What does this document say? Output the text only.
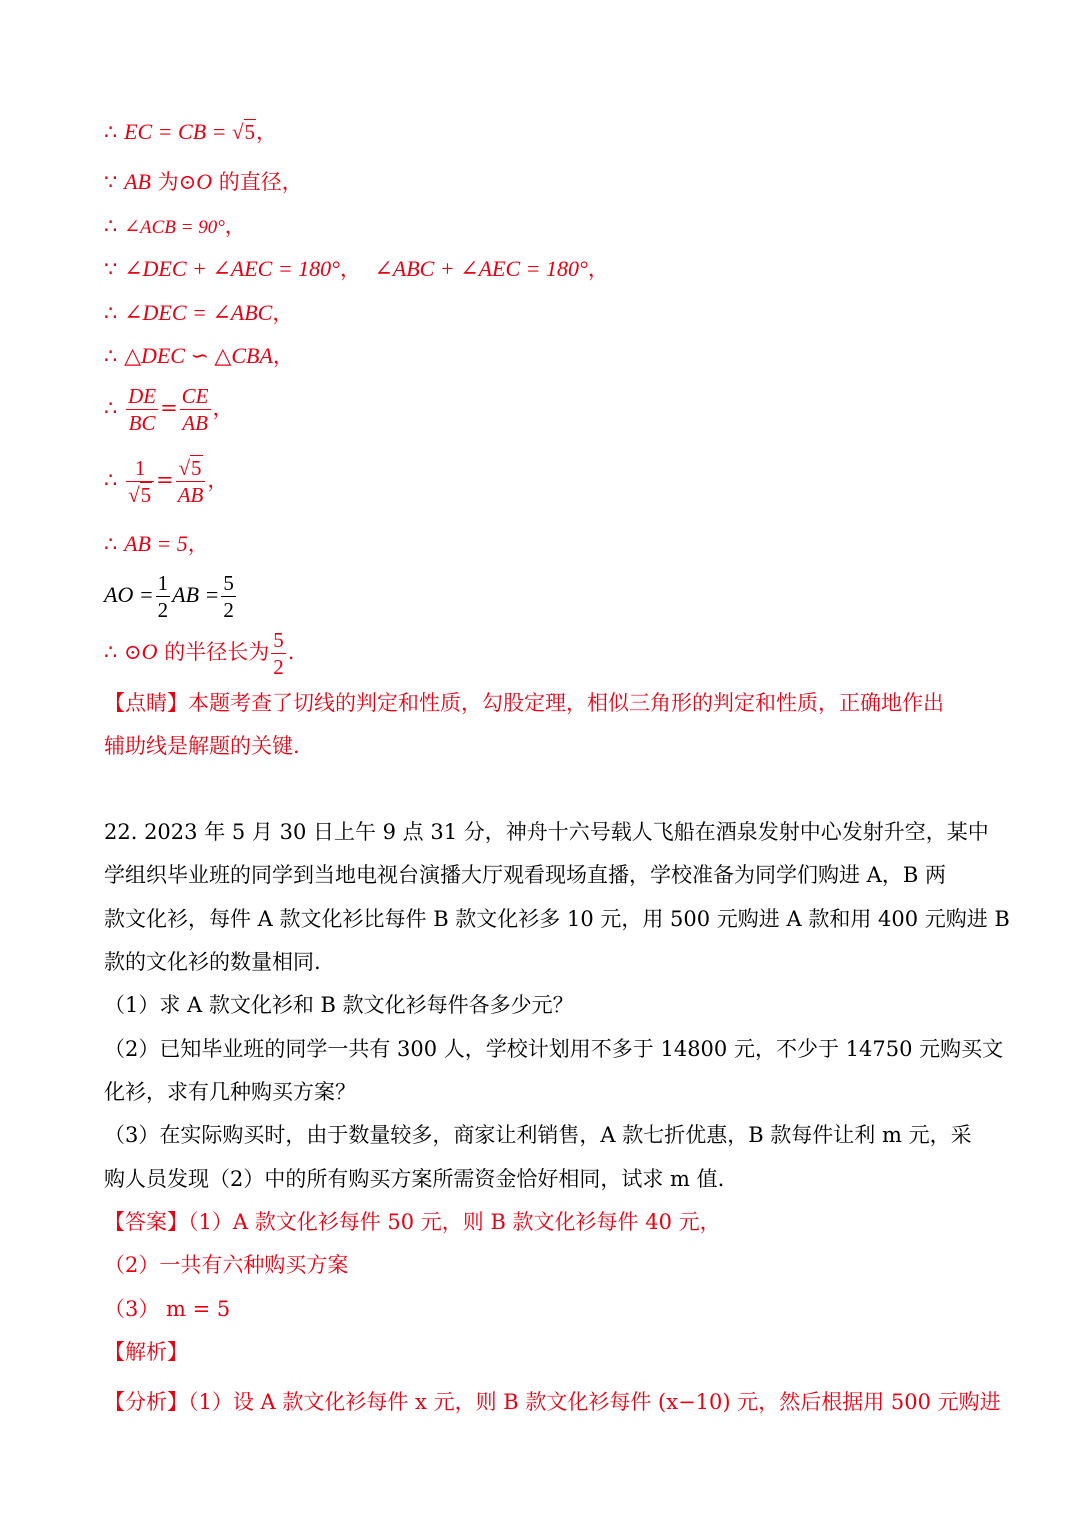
∴ EC = CB = √5，
∵ AB 为⊙O 的直径，
∴ ∠ACB = 90°，
∵ ∠DEC + ∠AEC = 180°， ∠ABC + ∠AEC = 180°，
∴ ∠DEC = ∠ABC，
∴ △DEC ∽ △CBA，
∴ $\frac{DE}{BC} = \frac{CE}{AB}$ ，
∴ $\frac{1}{√5} = \frac{√5}{AB}$ ，
∴ AB = 5，
AO = $\frac{1}{2}$ AB = $\frac{5}{2}$
∴ ⊙O 的半径长为 $\frac{5}{2}$ .
【点睛】本题考查了切线的判定和性质，勾股定理，相似三角形的判定和性质，正确地作出
辅助线是解题的关键.
22. 2023 年 5 月 30 日上午 9 点 31 分，神舟十六号载人飞船在酒泉发射中心发射升空，某中
学组织毕业班的同学到当地电视台演播大厅观看现场直播，学校准备为同学们购进 A，B 两
款文化衫，每件 A 款文化衫比每件 B 款文化衫多 10 元，用 500 元购进 A 款和用 400 元购进 B
款的文化衫的数量相同.
（1）求 A 款文化衫和 B 款文化衫每件各多少元？
（2）已知毕业班的同学一共有 300 人，学校计划用不多于 14800 元，不少于 14750 元购买文
化衫，求有几种购买方案？
（3）在实际购买时，由于数量较多，商家让利销售，A 款七折优惠，B 款每件让利 m 元，采
购人员发现（2）中的所有购买方案所需资金恰好相同，试求 m 值.
【答案】（1）A 款文化衫每件 50 元，则 B 款文化衫每件 40 元，
（2）一共有六种购买方案
（3） m = 5
【解析】
【分析】（1）设 A 款文化衫每件 x 元，则 B 款文化衫每件 (x−10) 元，然后根据用 500 元购进
